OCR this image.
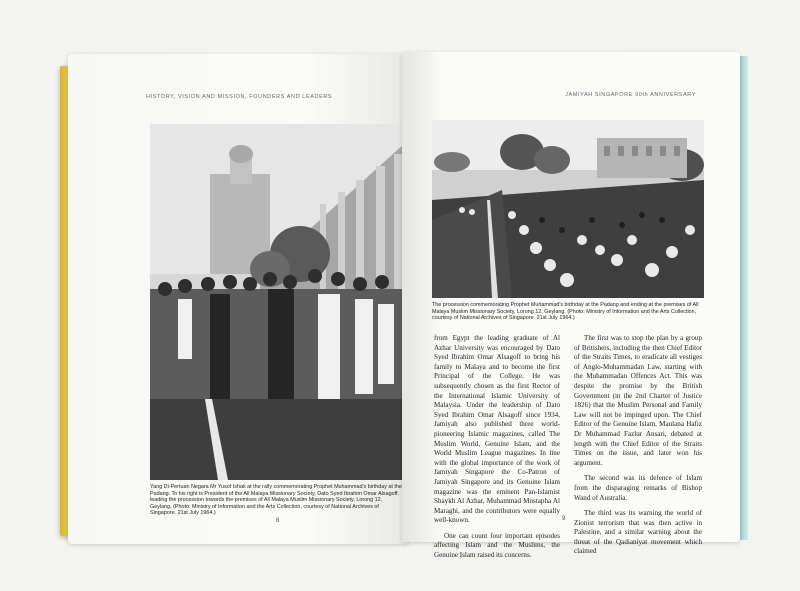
HISTORY, VISION AND MISSION, FOUNDERS AND LEADERS
Yang Di-Pertuan Negara Mr Yusof Ishak at the rally commemorating Prophet Muhammad's birthday at the Padang. To his right is President of the All Malaya Missionary Society, Dato Syed Ibrahim Omar Alsagoff, leading the procession towards the premises of All Malaya Muslim Missionary Society, Lorong 12, Geylang. (Photo: Ministry of Information and the Arts Collection, courtesy of National Archives of Singapore. 21st July 1964.)
8
JAMIYAH SINGAPORE 90th ANNIVERSARY
The procession commemorating Prophet Muhammad's birthday at the Padang and ending at the premises of All Malaya Muslim Missionary Society, Lorong 12, Geylang. (Photo: Ministry of Information and the Arts Collection, courtesy of National Archives of Singapore. 21st July 1964.)

from Egypt the leading graduate of Al Azhar University was encouraged by Dato Syed Ibrahim Omar Alsagoff to bring his family to Malaya and to become the first Principal of the College. He was subsequently chosen as the first Rector of the International Islamic University of Malaysia. Under the leadership of Dato Syed Ibrahim Omar Alsagoff since 1934, Jamiyah also published three world-pioneering Islamic magazines, called The Muslim World, Genuine Islam, and the World Muslim League magazines. In line with the global importance of the work of Jamiyah Singapore the Co-Patron of Jamiyah Singapore and its Genuine Islam magazine was the eminent Pan-Islamist Shaykh Al Azhar, Muhammad Mustapha Al Maraghi, and the contributors were equally well-known.

One can count four important episodes affecting Islam and the Muslims, the Genuine Islam raised its concerns.

The first was to stop the plan by a group of Britishers, including the then Chief Editor of the Straits Times, to eradicate all vestiges of Anglo-Muhammadan Law, starting with the Muhammadan Offences Act. This was despite the promise by the British Government (in the 2nd Charter of Justice 1826) that the Muslim Personal and Family Law will not be impinged upon. The Chief Editor of the Genuine Islam, Maulana Hafiz Dr Muhammad Fazlur Ansari, debated at length with the Chief Editor of the Straits Times on the issue, and later won his argument.

The second was its defence of Islam from the disparaging remarks of Bishop Wand of Australia.

The third was its warning the world of Zionist terrorism that was then active in Palestine, and a similar warning about the threat of the Qadianiyat movement which claimed

9
